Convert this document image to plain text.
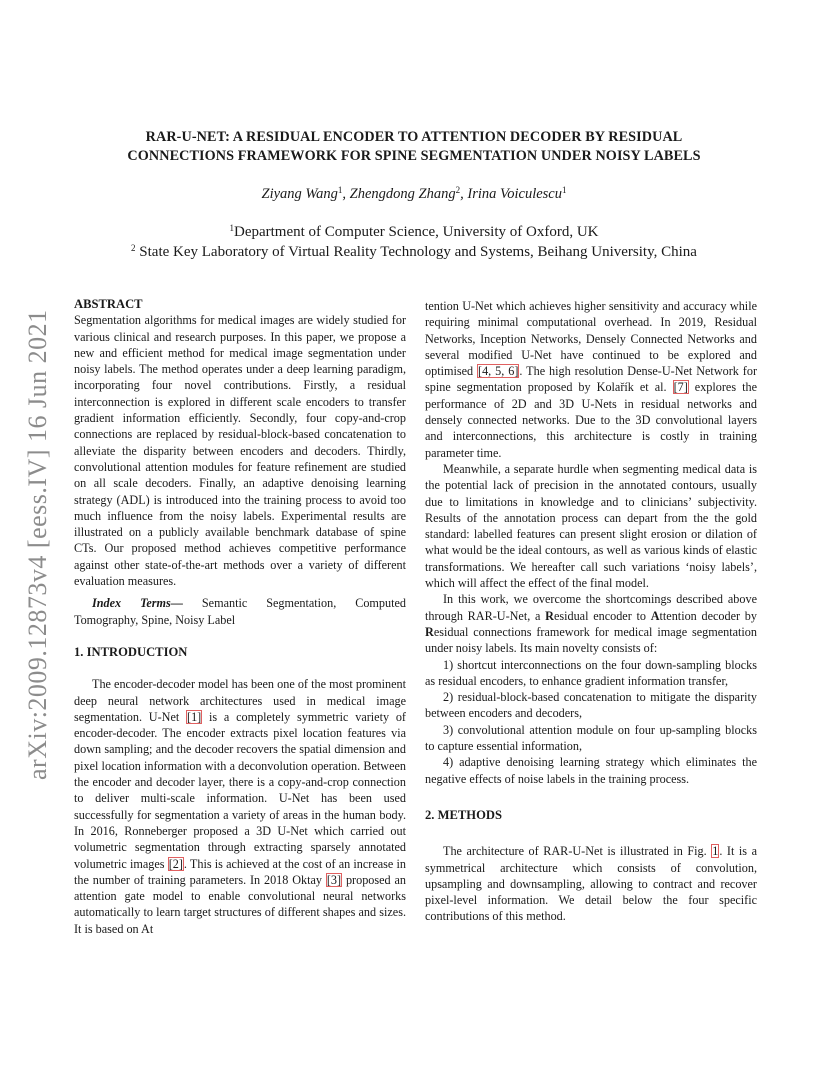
arXiv:2009.12873v4 [eess.IV] 16 Jun 2021
RAR-U-NET: A RESIDUAL ENCODER TO ATTENTION DECODER BY RESIDUAL
CONNECTIONS FRAMEWORK FOR SPINE SEGMENTATION UNDER NOISY LABELS
Ziyang Wang$^1$, Zhengdong Zhang$^2$, Irina Voiculescu$^1$
$^1$Department of Computer Science, University of Oxford, UK
$^2$ State Key Laboratory of Virtual Reality Technology and Systems, Beihang University, China

ABSTRACT

Segmentation algorithms for medical images are widely studied for various clinical and research purposes. In this paper, we propose a new and efficient method for medical image segmentation under noisy labels. The method operates under a deep learning paradigm, incorporating four novel contributions. Firstly, a residual interconnection is explored in different scale encoders to transfer gradient information efficiently. Secondly, four copy-and-crop connections are replaced by residual-block-based concatenation to alleviate the disparity between encoders and decoders. Thirdly, convolutional attention modules for feature refinement are studied on all scale decoders. Finally, an adaptive denoising learning strategy (ADL) is introduced into the training process to avoid too much influence from the noisy labels. Experimental results are illustrated on a publicly available benchmark database of spine CTs. Our proposed method achieves competitive performance against other state-of-the-art methods over a variety of different evaluation measures.

Index Terms— Semantic Segmentation, Computed Tomography, Spine, Noisy Label

1. INTRODUCTION

The encoder-decoder model has been one of the most prominent deep neural network architectures used in medical image segmentation. U-Net [1] is a completely symmetric variety of encoder-decoder. The encoder extracts pixel location features via down sampling; and the decoder recovers the spatial dimension and pixel location information with a deconvolution operation. Between the encoder and decoder layer, there is a copy-and-crop connection to deliver multi-scale information. U-Net has been used successfully for segmentation a variety of areas in the human body. In 2016, Ronneberger proposed a 3D U-Net which carried out volumetric segmentation through extracting sparsely annotated volumetric images [2]. This is achieved at the cost of an increase in the number of training parameters. In 2018 Oktay [3] proposed an attention gate model to enable convolutional neural networks automatically to learn target structures of different shapes and sizes. It is based on At

tention U-Net which achieves higher sensitivity and accuracy while requiring minimal computational overhead. In 2019, Residual Networks, Inception Networks, Densely Connected Networks and several modified U-Net have continued to be explored and optimised [4, 5, 6]. The high resolution Dense-U-Net Network for spine segmentation proposed by Kolařík et al. [7] explores the performance of 2D and 3D U-Nets in residual networks and densely connected networks. Due to the 3D convolutional layers and interconnections, this architecture is costly in training parameter time.

Meanwhile, a separate hurdle when segmenting medical data is the potential lack of precision in the annotated contours, usually due to limitations in knowledge and to clinicians’ subjectivity. Results of the annotation process can depart from the the gold standard: labelled features can present slight erosion or dilation of what would be the ideal contours, as well as various kinds of elastic transformations. We hereafter call such variations ‘noisy labels’, which will affect the effect of the final model.

In this work, we overcome the shortcomings described above through RAR-U-Net, a Residual encoder to Attention decoder by Residual connections framework for medical image segmentation under noisy labels. Its main novelty consists of:

1) shortcut interconnections on the four down-sampling blocks as residual encoders, to enhance gradient information transfer,

2) residual-block-based concatenation to mitigate the disparity between encoders and decoders,

3) convolutional attention module on four up-sampling blocks to capture essential information,

4) adaptive denoising learning strategy which eliminates the negative effects of noise labels in the training process.

2. METHODS

The architecture of RAR-U-Net is illustrated in Fig. 1. It is a symmetrical architecture which consists of convolution, upsampling and downsampling, allowing to contract and recover pixel-level information. We detail below the four specific contributions of this method.
